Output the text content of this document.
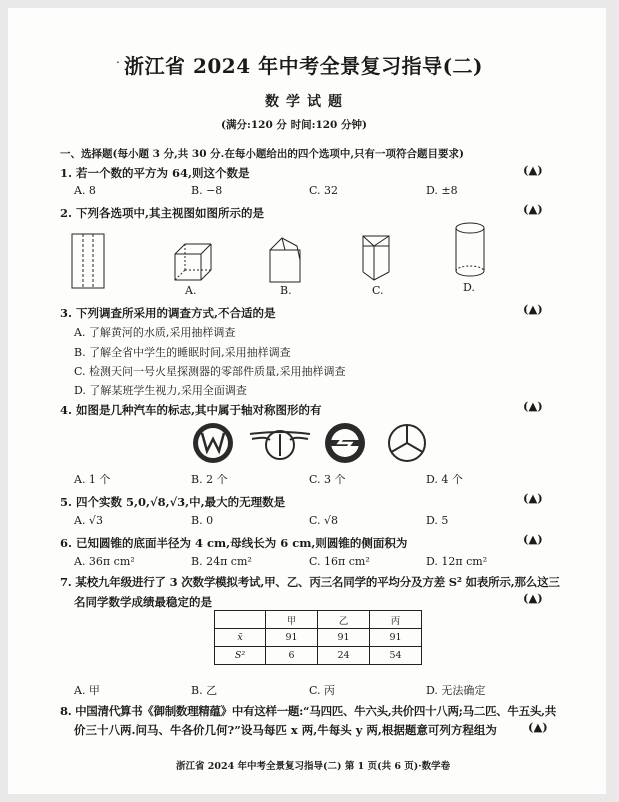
. 浙江省 2024 年中考全景复习指导(二)
数学试题
(满分:120 分 时间:120 分钟)
一、选择题(每小题 3 分,共 30 分.在每小题给出的四个选项中,只有一项符合题目要求)
1. 若一个数的平方为 64,则这个数是	(▲)
A. 8	B. −8	C. 32	D. ±8
2. 下列各选项中,其主视图如图所示的是	(▲)
A.	B.	C.	D.
3. 下列调查所采用的调查方式,不合适的是	(▲)
A. 了解黄河的水质,采用抽样调查
B. 了解全省中学生的睡眠时间,采用抽样调查
C. 检测天问一号火星探测器的零部件质量,采用抽样调查
D. 了解某班学生视力,采用全面调查
4. 如图是几种汽车的标志,其中属于轴对称图形的有	(▲)
A. 1 个	B. 2 个	C. 3 个	D. 4 个
5. 四个实数 5,0,√8,√3,中,最大的无理数是	(▲)
A. √3	B. 0	C. √8	D. 5
6. 已知圆锥的底面半径为 4 cm,母线长为 6 cm,则圆锥的侧面积为	(▲)
A. 36π cm²	B. 24π cm²	C. 16π cm²	D. 12π cm²
7. 某校九年级进行了 3 次数学模拟考试,甲、乙、丙三名同学的平均分及方差 S² 如表所示,那么这三
名同学数学成绩最稳定的是	(▲)
	甲	乙	丙
x̄	91	91	91
S²	6	24	54
A. 甲	B. 乙	C. 丙	D. 无法确定
8. 中国清代算书《御制数理精蕴》中有这样一题:“马四匹、牛六头,共价四十八两;马二匹、牛五头,共
价三十八两.问马、牛各价几何?”设马每匹 x 两,牛每头 y 两,根据题意可列方程组为	(▲)
浙江省 2024 年中考全景复习指导(二) 第 1 页(共 6 页)·数学卷
